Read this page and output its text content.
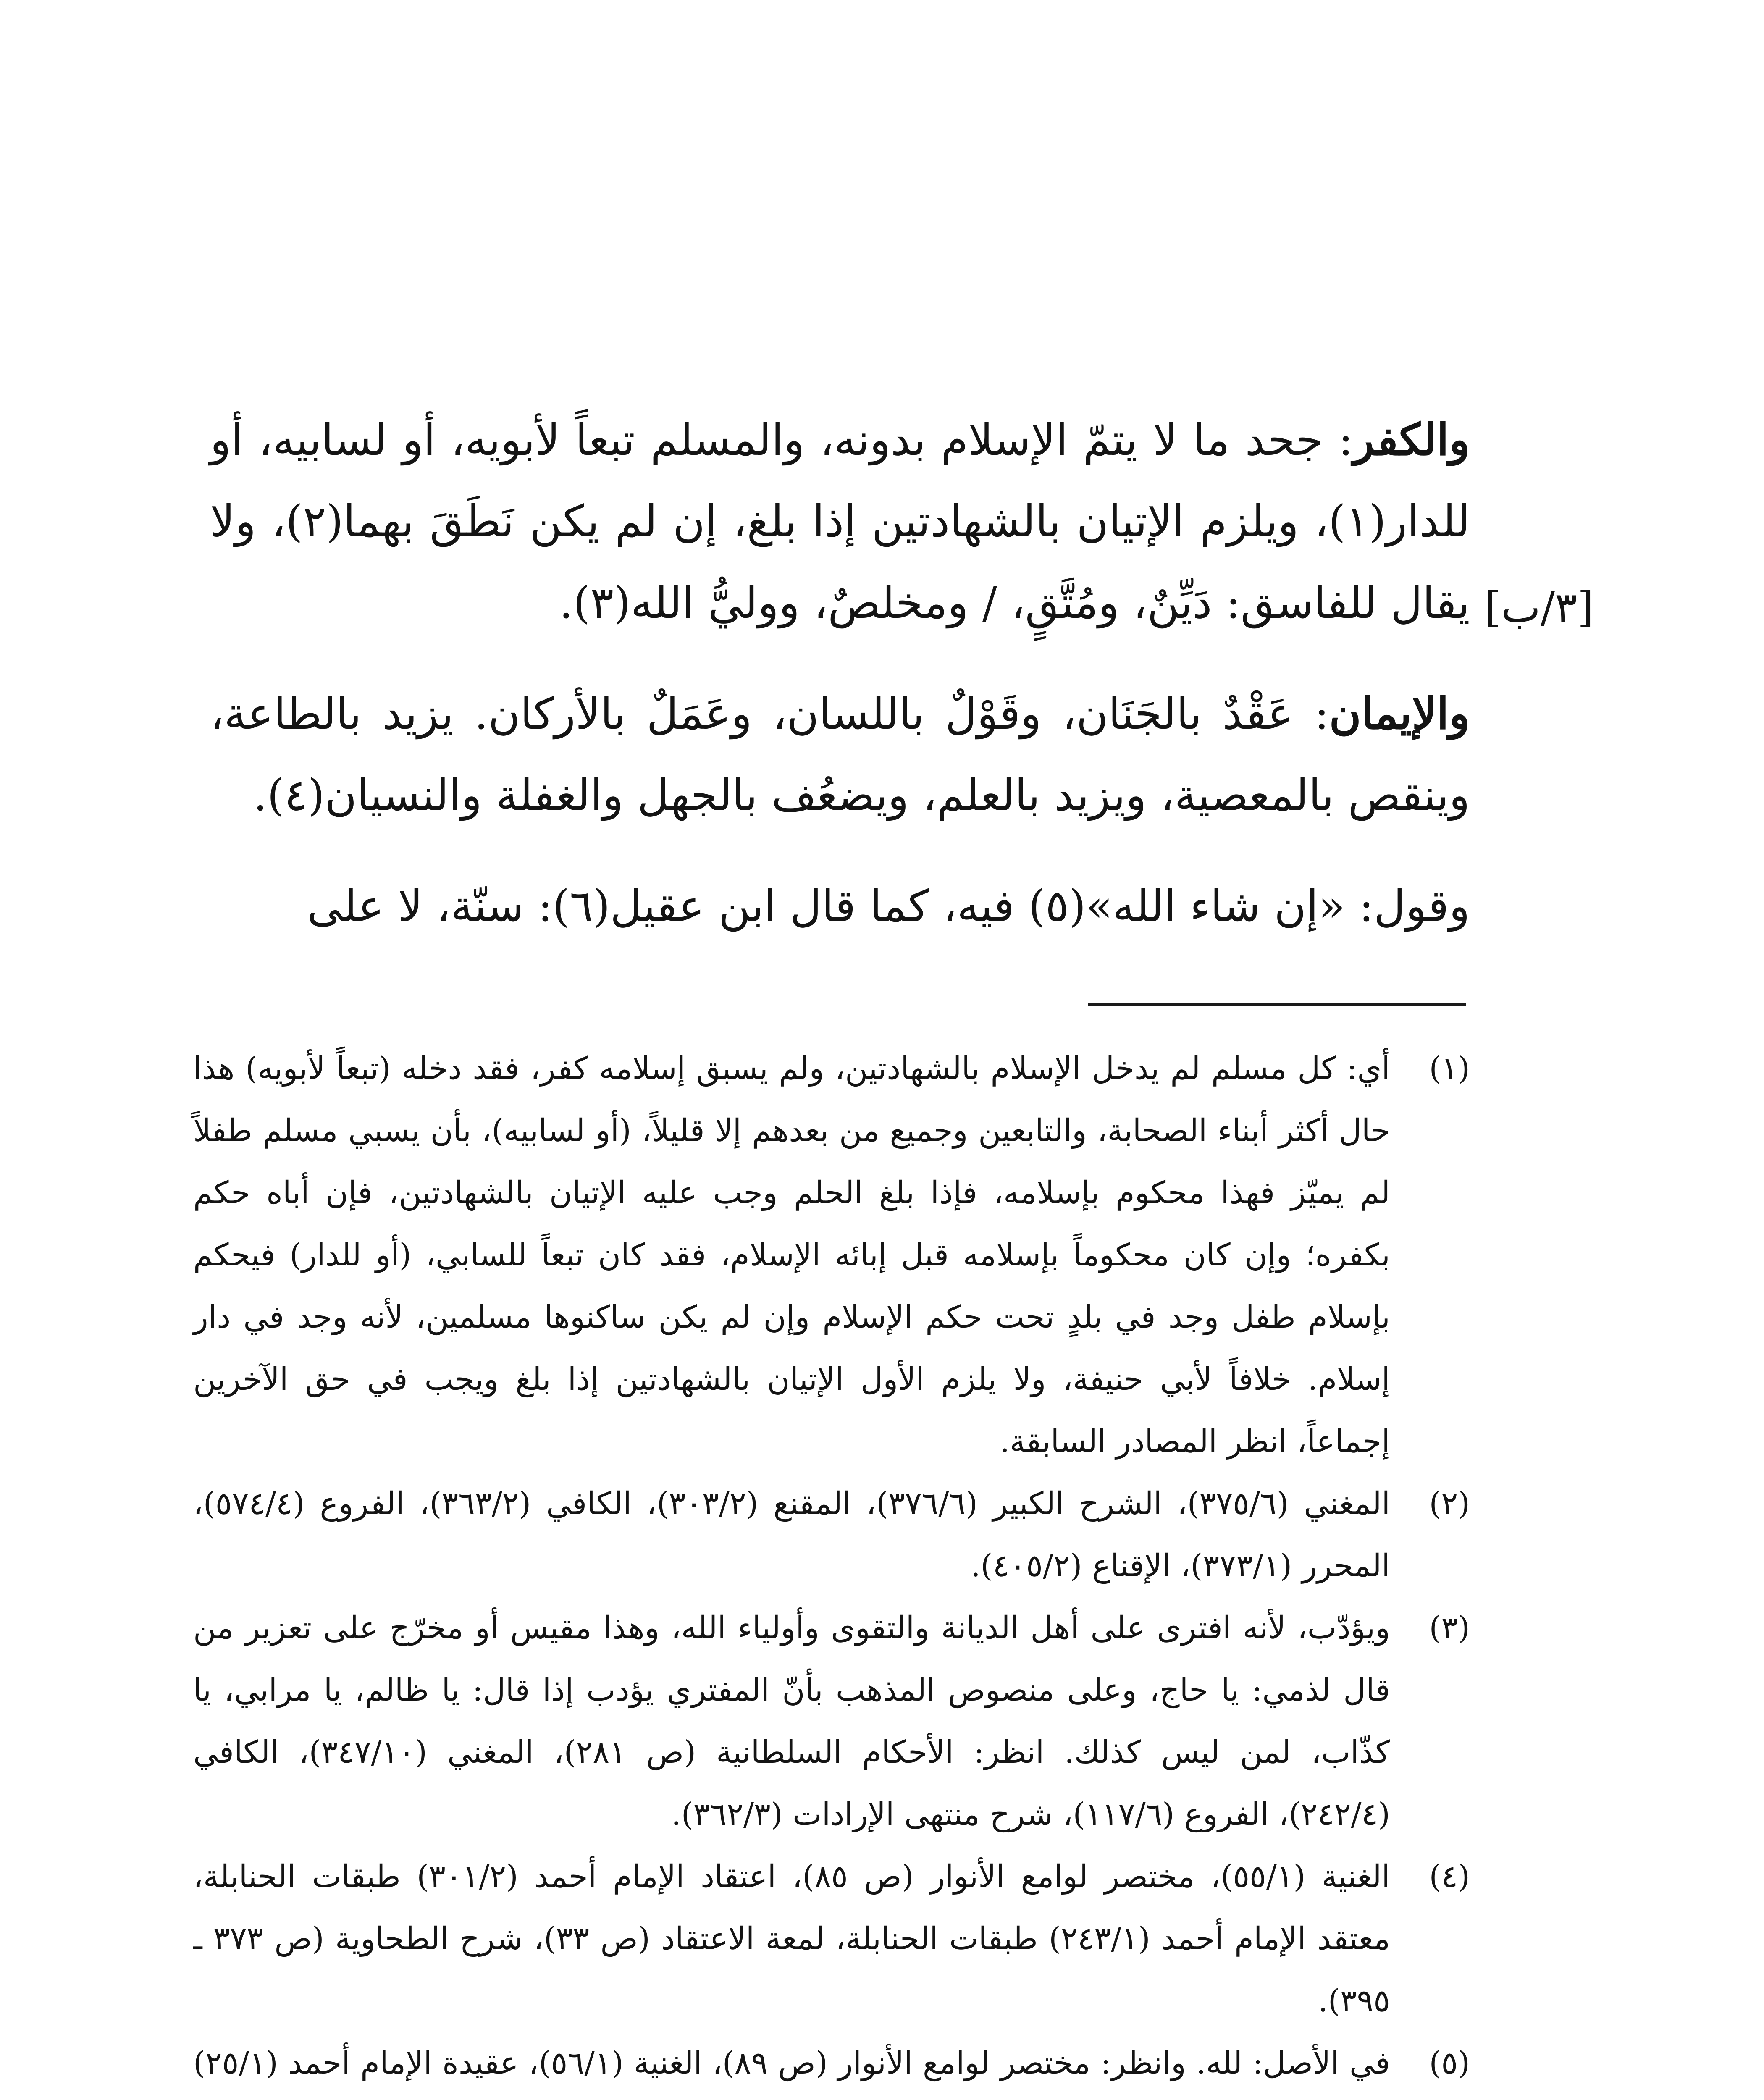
والكفر: جحد ما لا يتمّ الإسلام بدونه، والمسلم تبعاً لأبويه، أو لسابيه، أو للدار(١)، ويلزم الإتيان بالشهادتين إذا بلغ، إن لم يكن نَطَقَ بهما(٢)، ولا يقال للفاسق: دَيِّنٌ، ومُتَّقٍ، / ومخلصٌ، ووليُّ الله(٣).

والإيمان: عَقْدٌ بالجَنَان، وقَوْلٌ باللسان، وعَمَلٌ بالأركان. يزيد بالطاعة، وينقص بالمعصية، ويزيد بالعلم، ويضعُف بالجهل والغفلة والنسيان(٤).

وقول: «إن شاء الله»(٥) فيه، كما قال ابن عقيل(٦): سنّة، لا على

[٣/ب]
(١)
أي: كل مسلم لم يدخل الإسلام بالشهادتين، ولم يسبق إسلامه كفر، فقد دخله (تبعاً لأبويه) هذا حال أكثر أبناء الصحابة، والتابعين وجميع من بعدهم إلا قليلاً، (أو لسابيه)، بأن يسبي مسلم طفلاً لم يميّز فهذا محكوم بإسلامه، فإذا بلغ الحلم وجب عليه الإتيان بالشهادتين، فإن أباه حكم بكفره؛ وإن كان محكوماً بإسلامه قبل إبائه الإسلام، فقد كان تبعاً للسابي، (أو للدار) فيحكم بإسلام طفل وجد في بلدٍ تحت حكم الإسلام وإن لم يكن ساكنوها مسلمين، لأنه وجد في دار إسلام. خلافاً لأبي حنيفة، ولا يلزم الأول الإتيان بالشهادتين إذا بلغ ويجب في حق الآخرين إجماعاً، انظر المصادر السابقة.
(٢)
المغني (٣٧٥/٦)، الشرح الكبير (٣٧٦/٦)، المقنع (٣٠٣/٢)، الكافي (٣٦٣/٢)، الفروع (٥٧٤/٤)، المحرر (٣٧٣/١)، الإقناع (٤٠٥/٢).
(٣)
ويؤدّب، لأنه افترى على أهل الديانة والتقوى وأولياء الله، وهذا مقيس أو مخرّج على تعزير من قال لذمي: يا حاج، وعلى منصوص المذهب بأنّ المفتري يؤدب إذا قال: يا ظالم، يا مرابي، يا كذّاب، لمن ليس كذلك. انظر: الأحكام السلطانية (ص ٢٨١)، المغني (٣٤٧/١٠)، الكافي (٢٤٢/٤)، الفروع (١١٧/٦)، شرح منتهى الإرادات (٣٦٢/٣).
(٤)
الغنية (٥٥/١)، مختصر لوامع الأنوار (ص ٨٥)، اعتقاد الإمام أحمد (٣٠١/٢) طبقات الحنابلة، معتقد الإمام أحمد (٢٤٣/١) طبقات الحنابلة، لمعة الاعتقاد (ص ٣٣)، شرح الطحاوية (ص ٣٧٣ ـ ٣٩٥).
(٥)
في الأصل: لله. وانظر: مختصر لوامع الأنوار (ص ٨٩)، الغنية (٥٦/١)، عقيدة الإمام أحمد (٢٥/١)
